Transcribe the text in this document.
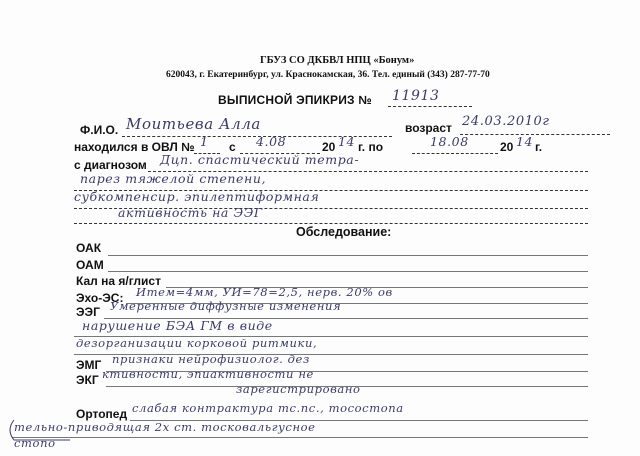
ГБУЗ СО ДКБВЛ НПЦ «Бонум»
620043, г. Екатеринбург, ул. Краснокамская, 36. Тел. единый (343) 287-77-70
ВЫПИСНОЙ ЭПИКРИЗ № 11913
Ф.И.О. Моитьева Алла	возраст 24.03.2010г
находился в ОВЛ № 1 с 4.08	20 14 г. по	18.08	20 14 г.
с диагнозом Дцп. спастический тетра-
парез тяжелой степени,
субкомпенсир. эпилептиформная
активность на ЭЭГ
Обследование:
ОАК
ОАМ
Кал на я/глист
Эхо-ЭС: Итем=4мм, УИ=78=2,5, нерв. 20% ов
ЭЭГ Умеренные диффузные изменения
нарушение БЭА ГМ в виде
дезорганизации корковой ритмики,
ЭМГ признаки нейрофизиолог. дез
ЭКГ ктивности, эпиактивности не
зарегистрировано
Ортопед слабая контрактура тс.пс., тосостопа
тельно-приводящая 2х ст. тосковальгусное
стопо
